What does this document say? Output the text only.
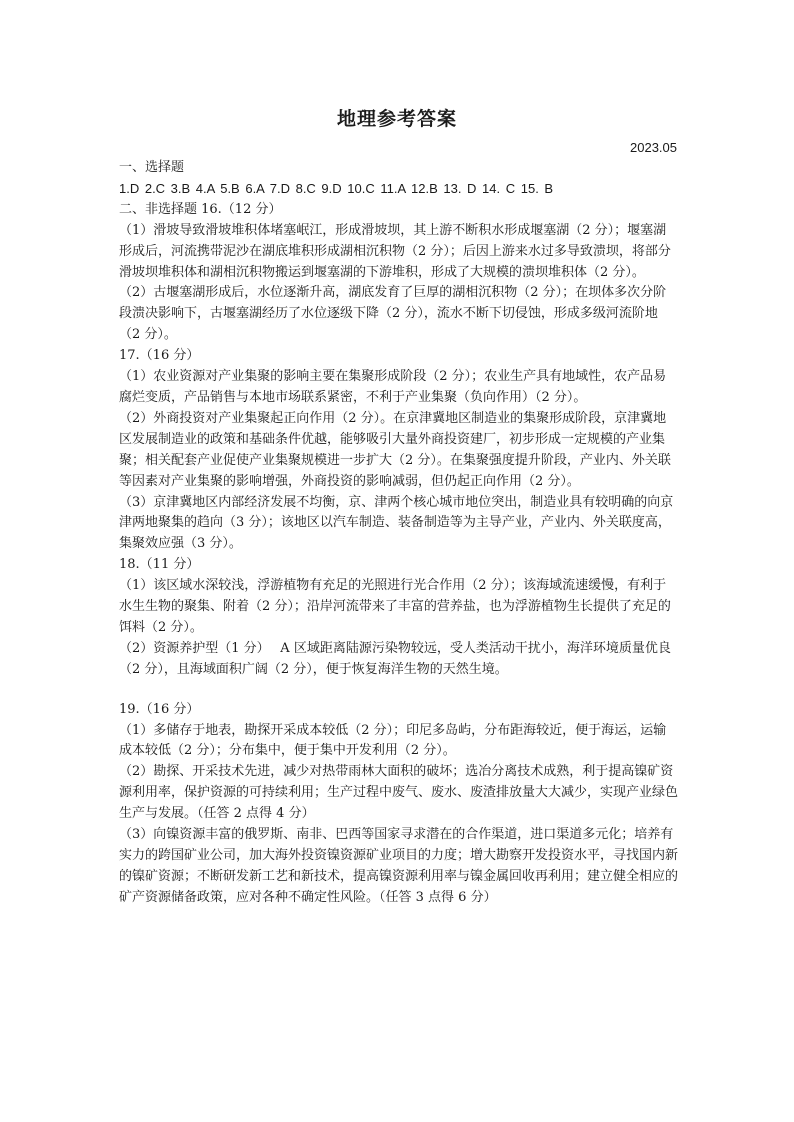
地理参考答案
2023.05

一、选择题

1.D 2.C 3.B 4.A 5.B 6.A 7.D 8.C 9.D 10.C 11.A 12.B 13. D 14. C 15. B

二、非选择题 16.（12 分）

（1）滑坡导致滑坡堆积体堵塞岷江，形成滑坡坝，其上游不断积水形成堰塞湖（2 分）；堰塞湖形成后，河流携带泥沙在湖底堆积形成湖相沉积物（2 分）；后因上游来水过多导致溃坝，将部分滑坡坝堆积体和湖相沉积物搬运到堰塞湖的下游堆积，形成了大规模的溃坝堆积体（2 分）。

（2）古堰塞湖形成后，水位逐渐升高，湖底发育了巨厚的湖相沉积物（2 分）；在坝体多次分阶段溃决影响下，古堰塞湖经历了水位逐级下降（2 分），流水不断下切侵蚀，形成多级河流阶地（2 分）。

17.（16 分）

（1）农业资源对产业集聚的影响主要在集聚形成阶段（2 分）；农业生产具有地域性，农产品易腐烂变质，产品销售与本地市场联系紧密，不利于产业集聚（负向作用）（2 分）。

（2）外商投资对产业集聚起正向作用（2 分）。在京津冀地区制造业的集聚形成阶段，京津冀地区发展制造业的政策和基础条件优越，能够吸引大量外商投资建厂，初步形成一定规模的产业集聚；相关配套产业促使产业集聚规模进一步扩大（2 分）。在集聚强度提升阶段，产业内、外关联等因素对产业集聚的影响增强，外商投资的影响减弱，但仍起正向作用（2 分）。

（3）京津冀地区内部经济发展不均衡，京、津两个核心城市地位突出，制造业具有较明确的向京津两地聚集的趋向（3 分）；该地区以汽车制造、装备制造等为主导产业，产业内、外关联度高，集聚效应强（3 分）。

18.（11 分）

（1）该区域水深较浅，浮游植物有充足的光照进行光合作用（2 分）；该海域流速缓慢，有利于水生生物的聚集、附着（2 分）；沿岸河流带来了丰富的营养盐，也为浮游植物生长提供了充足的饵料（2 分）。

（2）资源养护型（1 分）　 A 区域距离陆源污染物较远，受人类活动干扰小，海洋环境质量优良（2 分），且海域面积广阔（2 分），便于恢复海洋生物的天然生境。

19.（16 分）

（1）多储存于地表，勘探开采成本较低（2 分）；印尼多岛屿，分布距海较近，便于海运，运输成本较低（2 分）；分布集中，便于集中开发利用（2 分）。

（2）勘探、开采技术先进，减少对热带雨林大面积的破坏；选冶分离技术成熟，利于提高镍矿资源利用率，保护资源的可持续利用；生产过程中废气、废水、废渣排放量大大减少，实现产业绿色生产与发展。（任答 2 点得 4 分）

（3）向镍资源丰富的俄罗斯、南非、巴西等国家寻求潜在的合作渠道，进口渠道多元化；培养有实力的跨国矿业公司，加大海外投资镍资源矿业项目的力度；增大勘察开发投资水平，寻找国内新的镍矿资源；不断研发新工艺和新技术，提高镍资源利用率与镍金属回收再利用；建立健全相应的矿产资源储备政策，应对各种不确定性风险。（任答 3 点得 6 分）
